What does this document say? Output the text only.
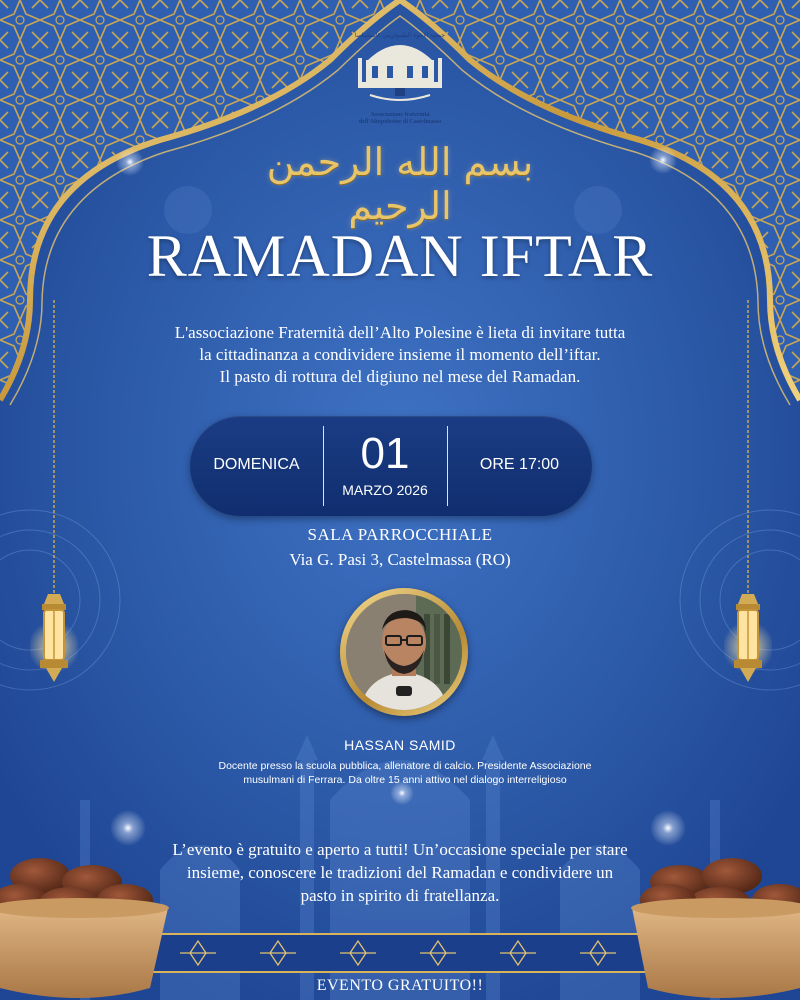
جمعية الاخوة الطيبولزيني كاستلماسا
Associazione fraternità
dell'Altopolesine di Castelmassa
بسم الله الرحمن الرحيم
RAMADAN IFTAR
L'associazione Fraternità dell’Alto Polesine è lieta di invitare tutta
la cittadinanza a condividere insieme il momento dell’iftar.
Il pasto di rottura del digiuno nel mese del Ramadan.
DOMENICA	01
MARZO 2026
ORE 17:00
SALA PARROCCHIALE
Via G. Pasi 3, Castelmassa (RO)
HASSAN SAMID
Docente presso la scuola pubblica, allenatore di calcio. Presidente Associazione
musulmani di Ferrara. Da oltre 15 anni attivo nel dialogo interreligioso
L’evento è gratuito e aperto a tutti! Un’occasione speciale per stare
insieme, conoscere le tradizioni del Ramadan e condividere un
pasto in spirito di fratellanza.
EVENTO GRATUITO!!
